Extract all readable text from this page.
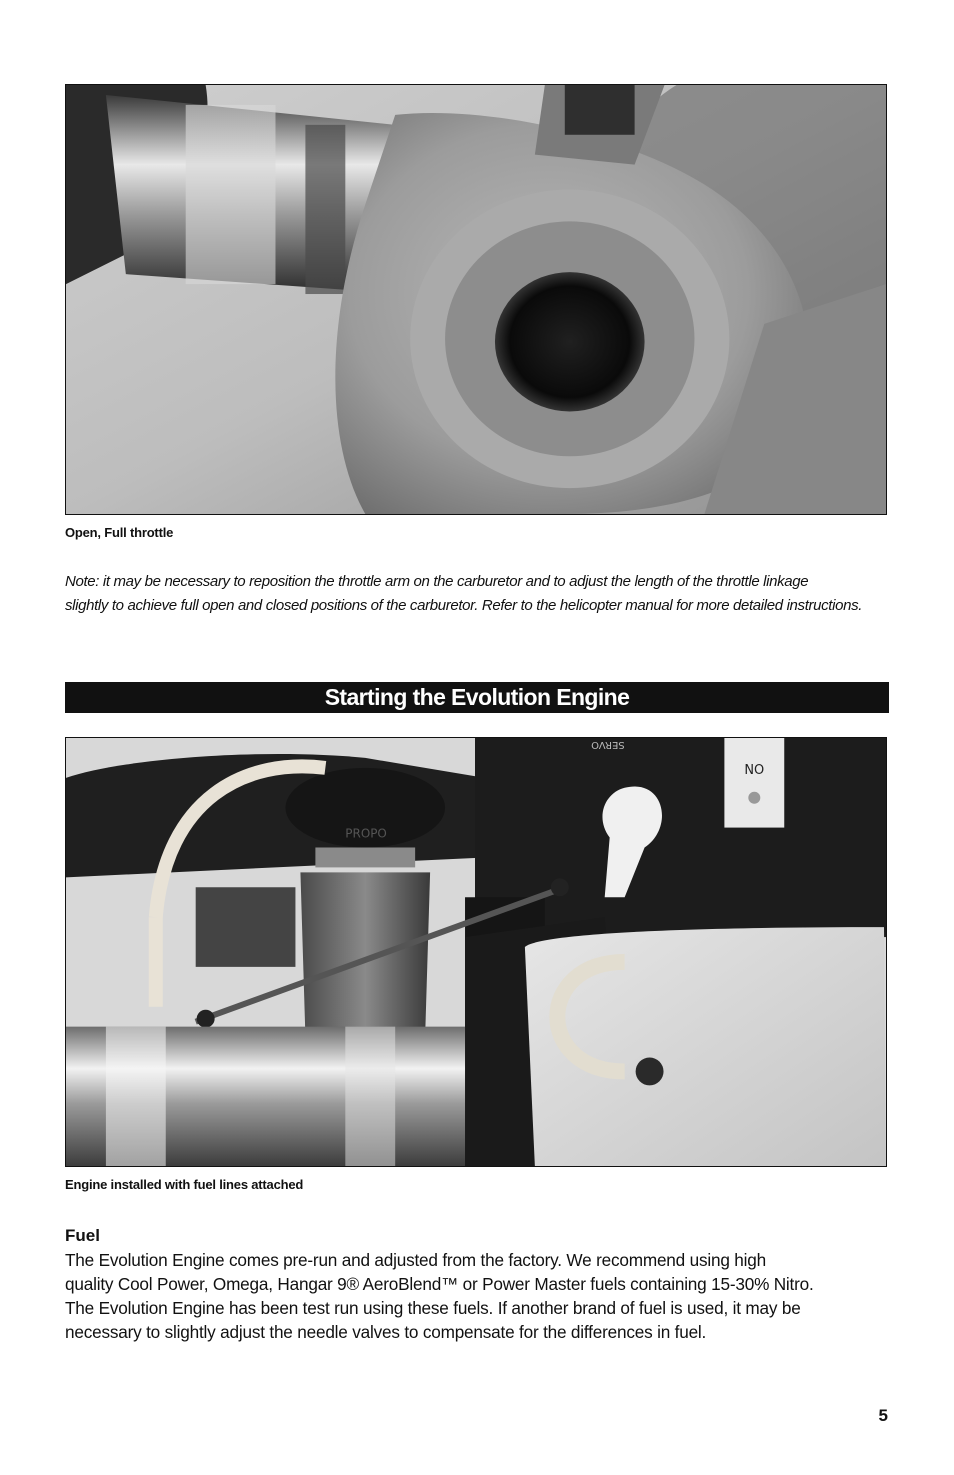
Open, Full throttle

Note: it may be necessary to reposition the throttle arm on the carburetor and to adjust the length of the throttle linkage

slightly to achieve full open and closed positions of the carburetor. Refer to the helicopter manual for more detailed instructions.

Starting the Evolution Engine
NO
SERVO
PROPO
Engine installed with fuel lines attached
Fuel

The Evolution Engine comes pre-run and adjusted from the factory. We recommend using high

quality Cool Power, Omega, Hangar 9® AeroBlend™ or Power Master fuels containing 15-30% Nitro.

The Evolution Engine has been test run using these fuels. If another brand of fuel is used, it may be

necessary to slightly adjust the needle valves to compensate for the differences in fuel.

5
